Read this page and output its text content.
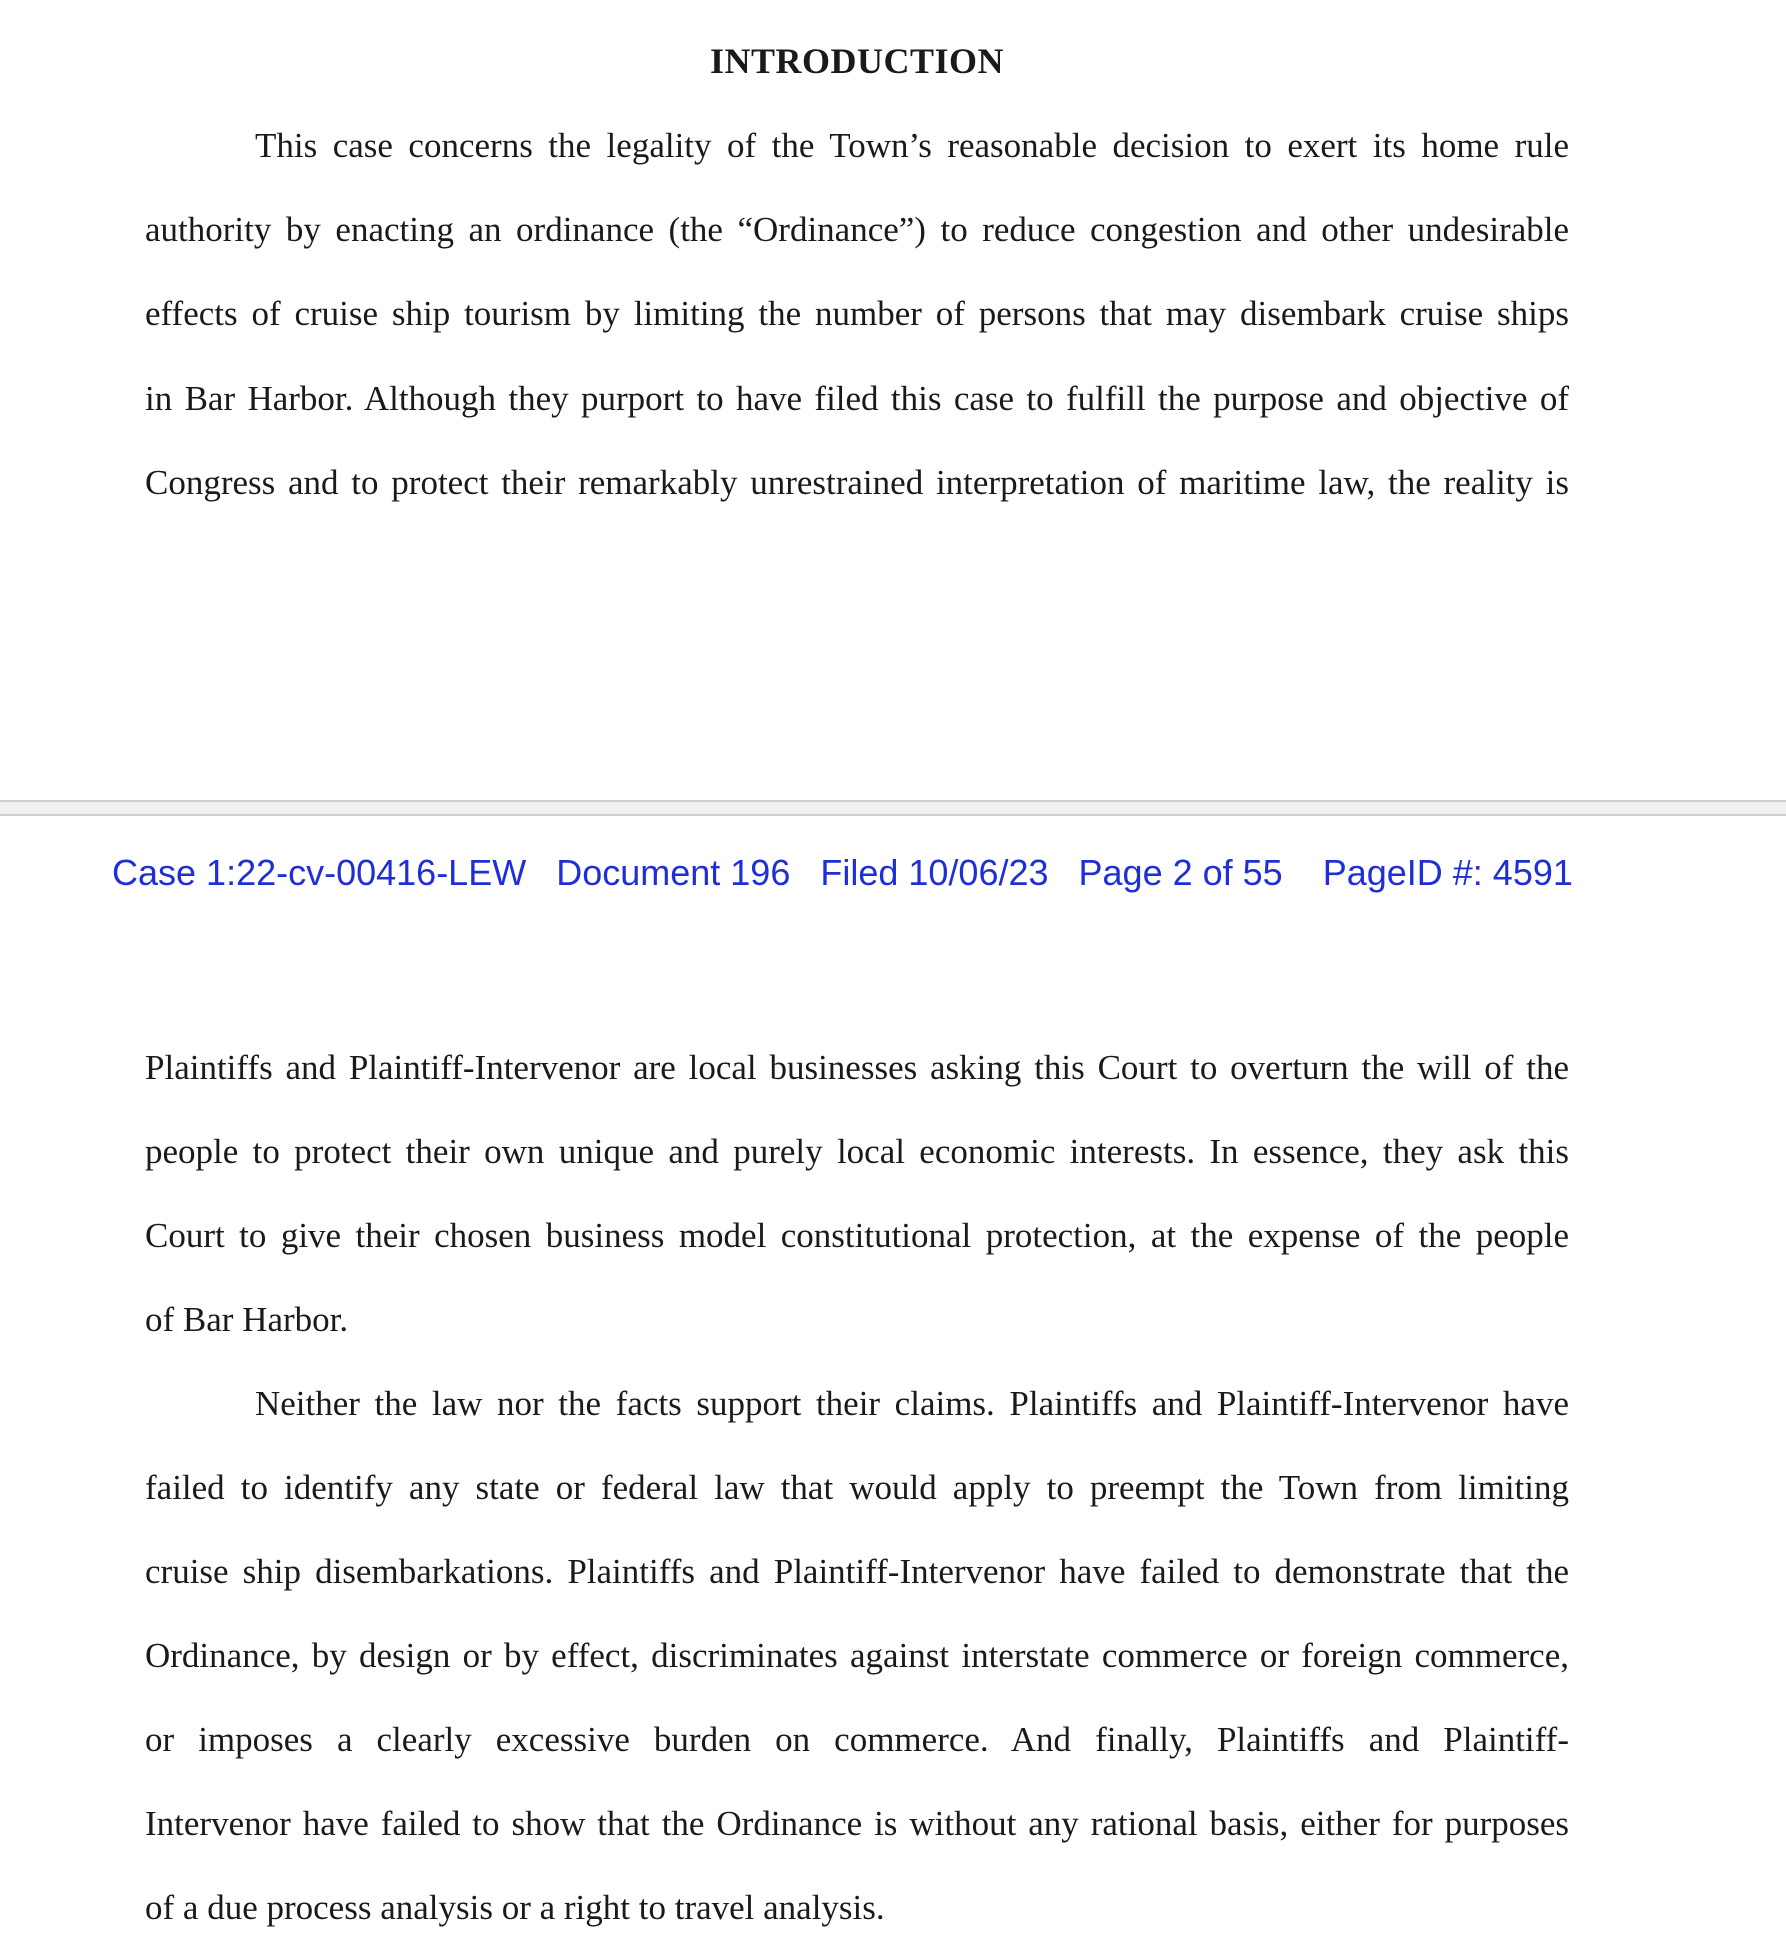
INTRODUCTION
This case concerns the legality of the Town’s reasonable decision to exert its home rule
authority by enacting an ordinance (the “Ordinance”) to reduce congestion and other undesirable
effects of cruise ship tourism by limiting the number of persons that may disembark cruise ships
in Bar Harbor. Although they purport to have filed this case to fulfill the purpose and objective of
Congress and to protect their remarkably unrestrained interpretation of maritime law, the reality is
Case 1:22-cv-00416-LEW Document 196 Filed 10/06/23 Page 2 of 55 PageID #: 4591
Plaintiffs and Plaintiff-Intervenor are local businesses asking this Court to overturn the will of the
people to protect their own unique and purely local economic interests. In essence, they ask this
Court to give their chosen business model constitutional protection, at the expense of the people
of Bar Harbor.
Neither the law nor the facts support their claims. Plaintiffs and Plaintiff-Intervenor have
failed to identify any state or federal law that would apply to preempt the Town from limiting
cruise ship disembarkations. Plaintiffs and Plaintiff-Intervenor have failed to demonstrate that the
Ordinance, by design or by effect, discriminates against interstate commerce or foreign commerce,
or imposes a clearly excessive burden on commerce. And finally, Plaintiffs and Plaintiff-
Intervenor have failed to show that the Ordinance is without any rational basis, either for purposes
of a due process analysis or a right to travel analysis.
